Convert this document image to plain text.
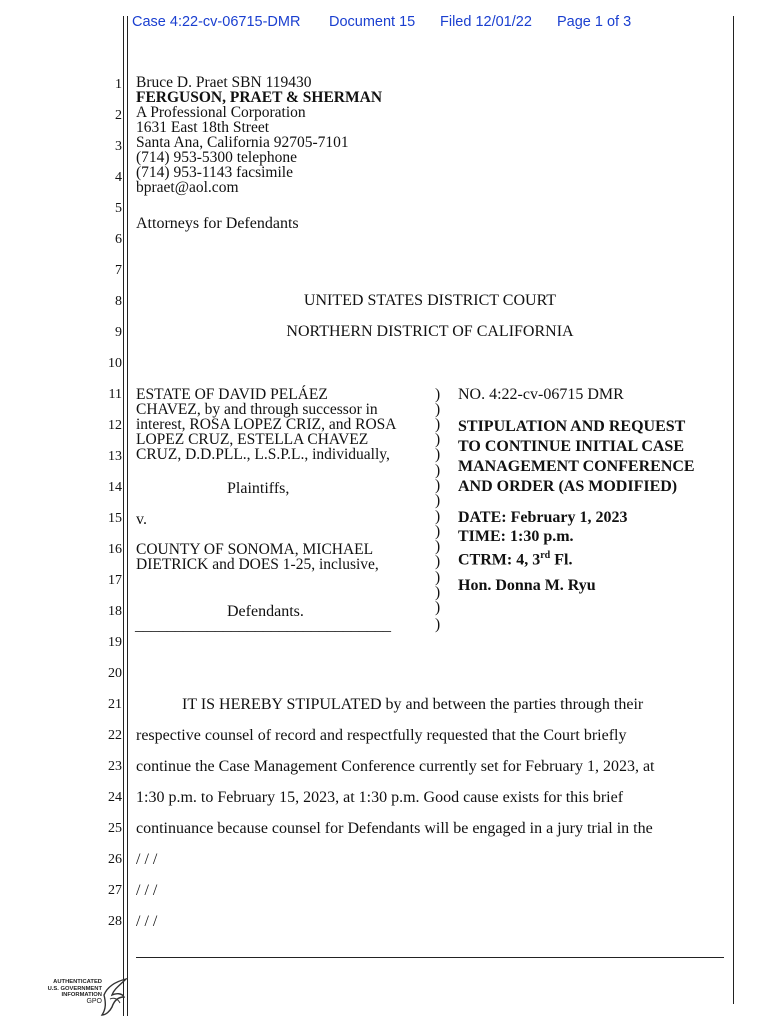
Case 4:22-cv-06715-DMR Document 15 Filed 12/01/22 Page 1 of 3
1
2
3
4
5
6
7
8
9
10
11
12
13
14
15
16
17
18
19
20
21
22
23
24
25
26
27
28
Bruce D. Praet SBN 119430
FERGUSON, PRAET & SHERMAN
A Professional Corporation
1631 East 18th Street
Santa Ana, California 92705-7101
(714) 953-5300 telephone
(714) 953-1143 facsimile
bpraet@aol.com
Attorneys for Defendants
UNITED STATES DISTRICT COURT
NORTHERN DISTRICT OF CALIFORNIA
ESTATE OF DAVID PELÁEZ
CHAVEZ, by and through successor in
interest, ROSA LOPEZ CRIZ, and ROSA
LOPEZ CRUZ, ESTELLA CHAVEZ
CRUZ, D.D.PLL., L.S.P.L., individually,
Plaintiffs,
v.
COUNTY OF SONOMA, MICHAEL
DIETRICK and DOES 1-25, inclusive,
Defendants.
________________________________
)
)
)
)
)
)
)
)
)
)
)
)
)
)
)
)
NO. 4:22-cv-06715 DMR
STIPULATION AND REQUEST
TO CONTINUE INITIAL CASE
MANAGEMENT CONFERENCE
AND ORDER (AS MODIFIED)
DATE: February 1, 2023
TIME: 1:30 p.m.
CTRM: 4, 3rd Fl.
Hon. Donna M. Ryu
IT IS HEREBY STIPULATED by and between the parties through their
respective counsel of record and respectfully requested that the Court briefly
continue the Case Management Conference currently set for February 1, 2023, at
1:30 p.m. to February 15, 2023, at 1:30 p.m. Good cause exists for this brief
continuance because counsel for Defendants will be engaged in a jury trial in the
/ / /
/ / /
/ / /
AUTHENTICATED
U.S. GOVERNMENT
INFORMATION
GPO
